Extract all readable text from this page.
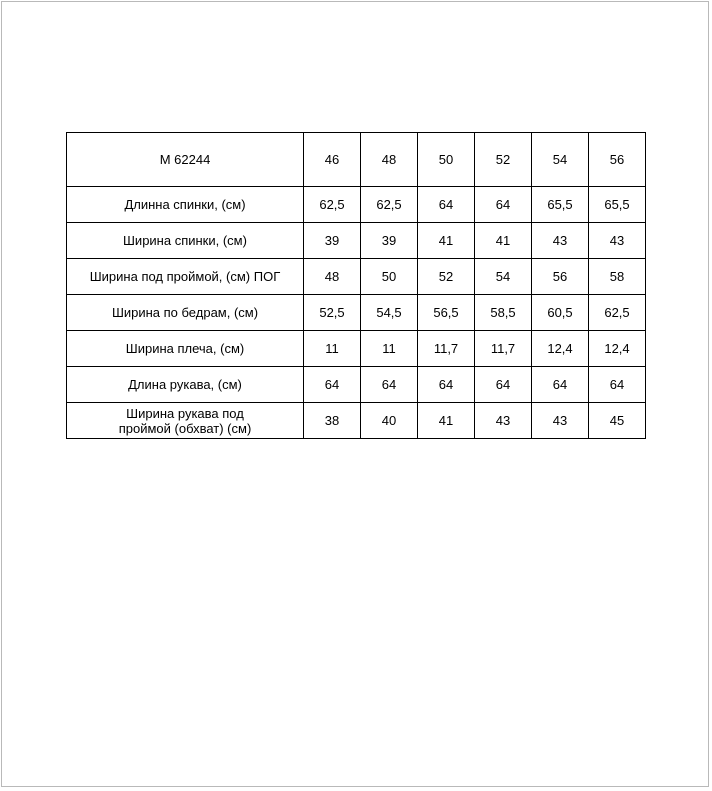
M 62244	46	48	50	52	54	56
Длинна спинки, (см)	62,5	62,5	64	64	65,5	65,5
Ширина спинки, (см)	39	39	41	41	43	43
Ширина под проймой, (см) ПОГ	48	50	52	54	56	58
Ширина по бедрам, (см)	52,5	54,5	56,5	58,5	60,5	62,5
Ширина плеча, (см)	11	11	11,7	11,7	12,4	12,4
Длина рукава, (см)	64	64	64	64	64	64
Ширина рукава под
проймой (обхват) (см)	38	40	41	43	43	45
